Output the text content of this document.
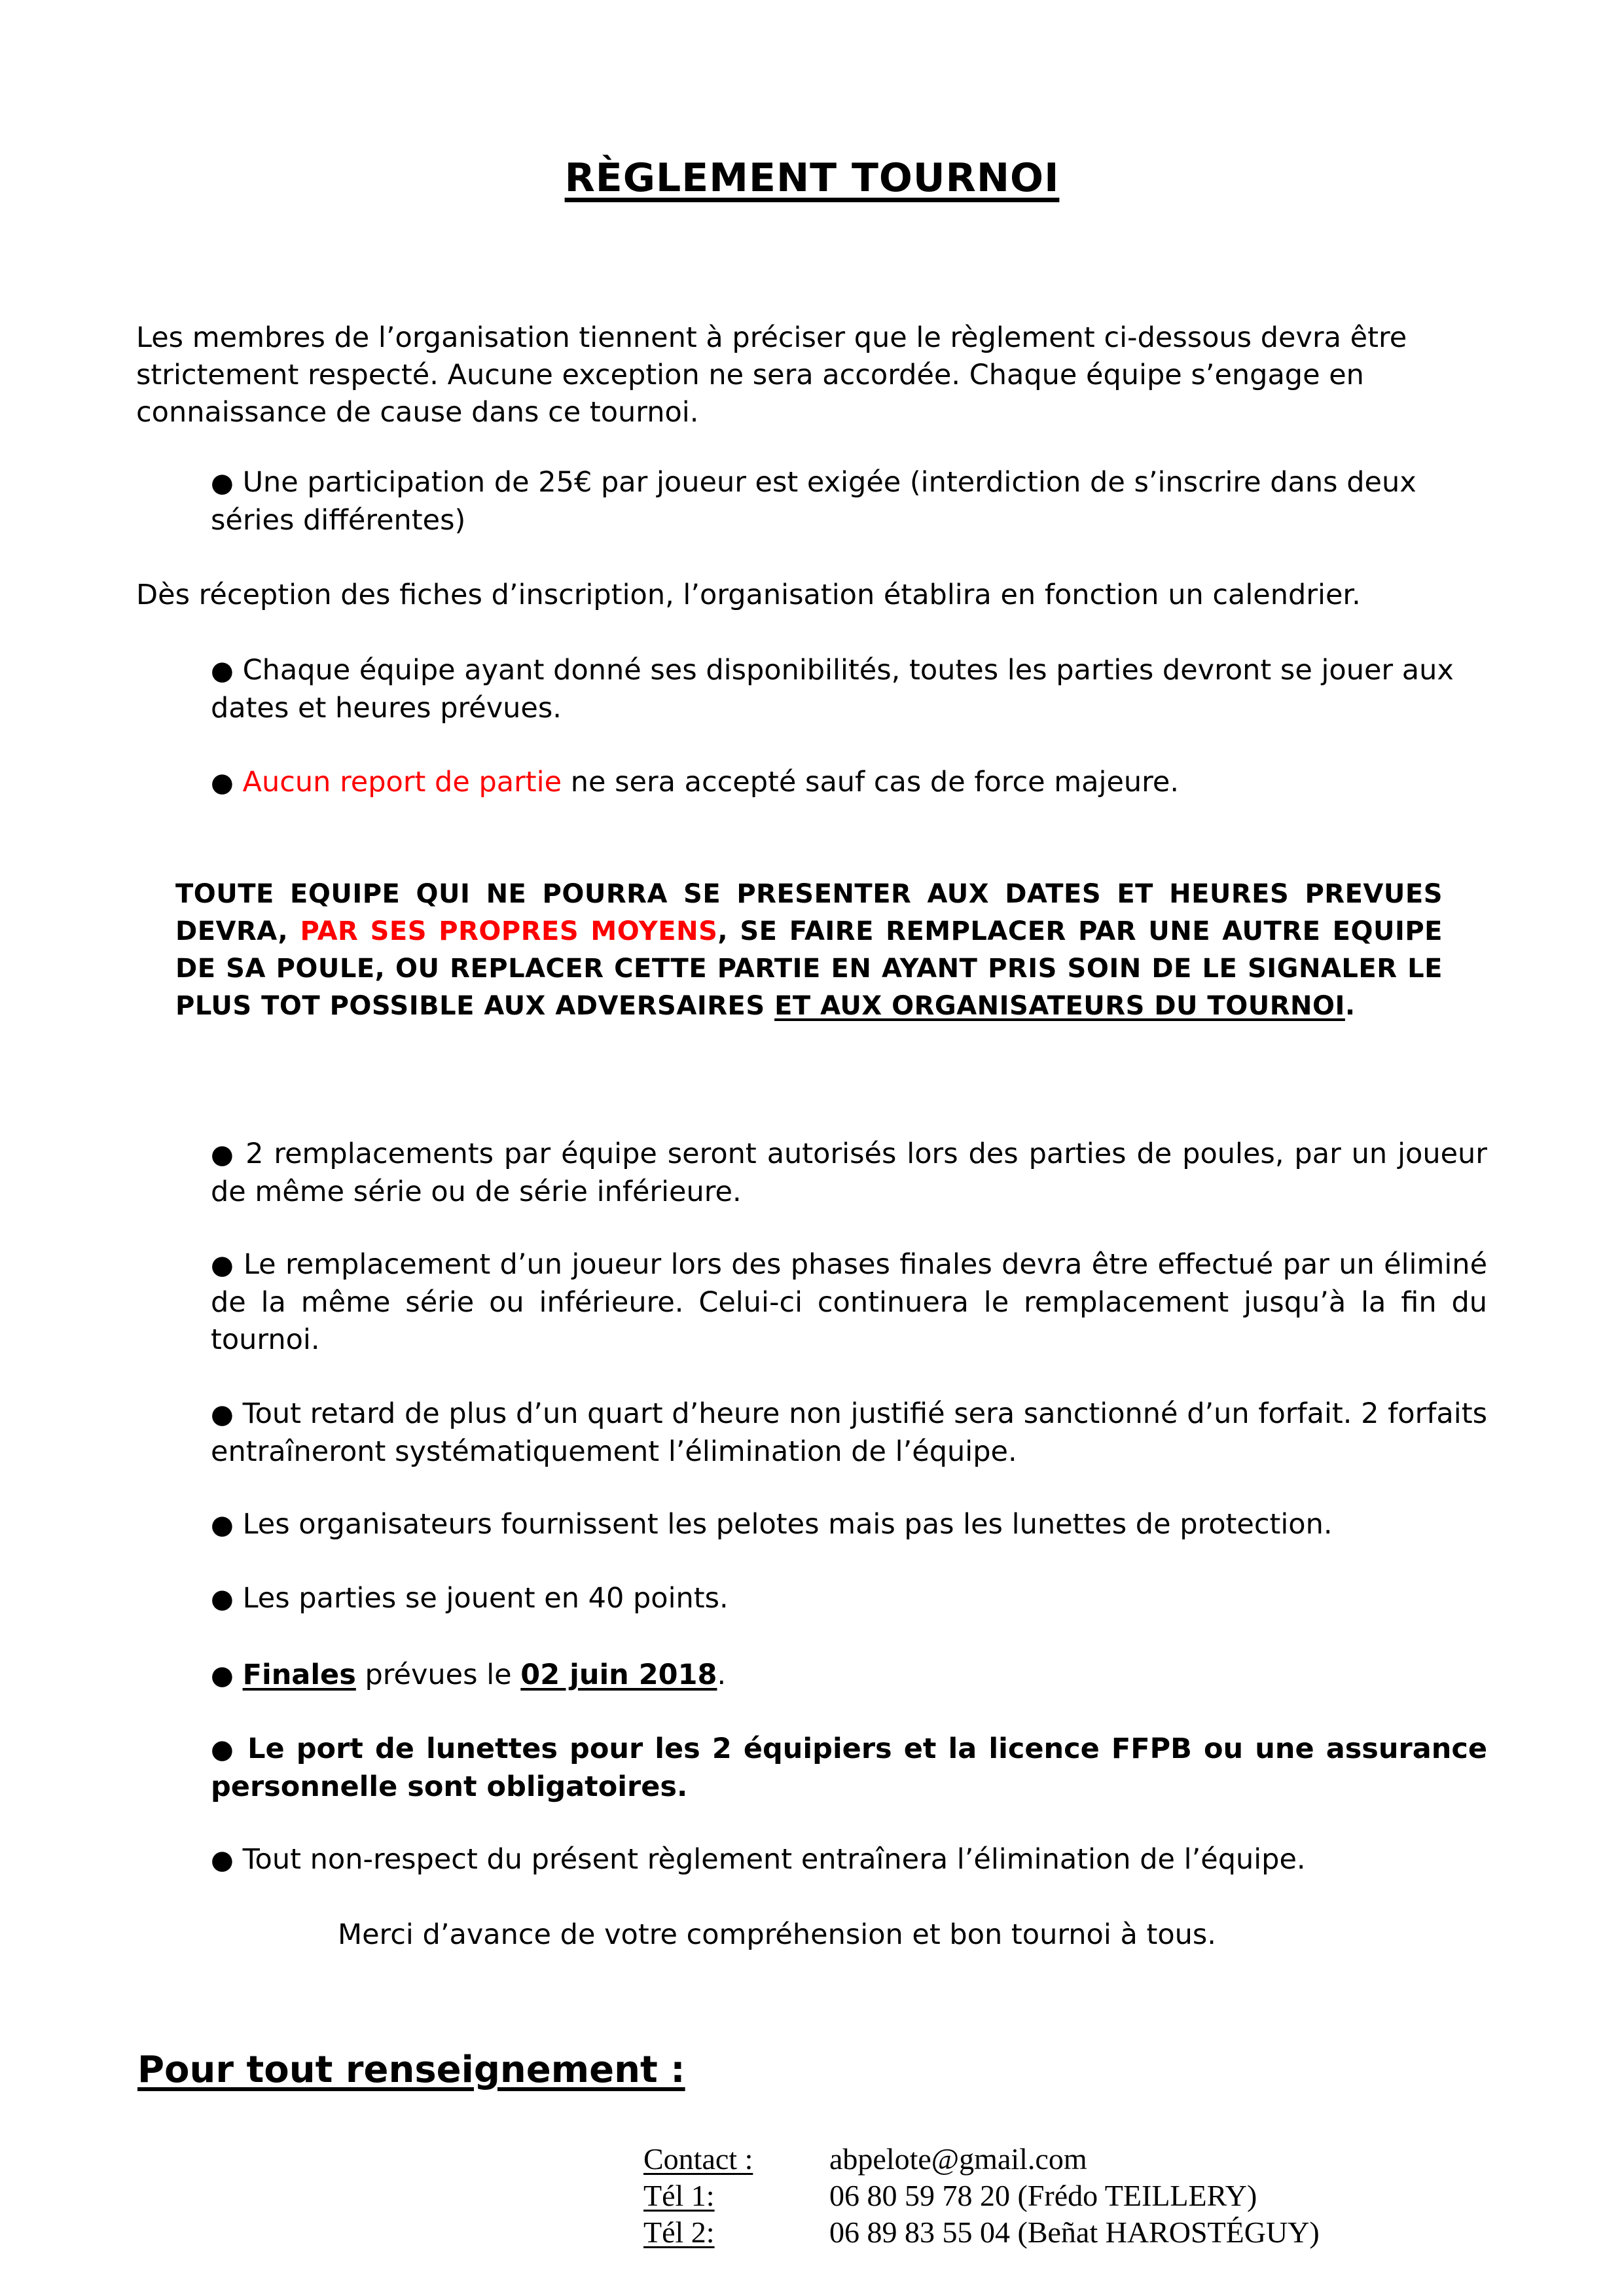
RÈGLEMENT TOURNOI
Les membres de l’organisation tiennent à préciser que le règlement ci-dessous devra être strictement respecté. Aucune exception ne sera accordée. Chaque équipe s’engage en connaissance de cause dans ce tournoi.
● Une participation de 25€ par joueur est exigée (interdiction de s’inscrire dans deux séries différentes)
Dès réception des fiches d’inscription, l’organisation établira en fonction un calendrier.
● Chaque équipe ayant donné ses disponibilités, toutes les parties devront se jouer aux dates et heures prévues.
● Aucun report de partie ne sera accepté sauf cas de force majeure.
TOUTE EQUIPE QUI NE POURRA SE PRESENTER AUX DATES ET HEURES PREVUES DEVRA, PAR SES PROPRES MOYENS, SE FAIRE REMPLACER PAR UNE AUTRE EQUIPE DE SA POULE, OU REPLACER CETTE PARTIE EN AYANT PRIS SOIN DE LE SIGNALER LE PLUS TOT POSSIBLE AUX ADVERSAIRES ET AUX ORGANISATEURS DU TOURNOI.
● 2 remplacements par équipe seront autorisés lors des parties de poules, par un joueur de même série ou de série inférieure.
● Le remplacement d’un joueur lors des phases finales devra être effectué par un éliminé de la même série ou inférieure. Celui-ci continuera le remplacement jusqu’à la fin du tournoi.
● Tout retard de plus d’un quart d’heure non justifié sera sanctionné d’un forfait. 2 forfaits entraîneront systématiquement l’élimination de l’équipe.
● Les organisateurs fournissent les pelotes mais pas les lunettes de protection.
● Les parties se jouent en 40 points.
● Finales prévues le 02 juin 2018.
● Le port de lunettes pour les 2 équipiers et la licence FFPB ou une assurance personnelle sont obligatoires.
● Tout non-respect du présent règlement entraînera l’élimination de l’équipe.
Merci d’avance de votre compréhension et bon tournoi à tous.
Pour tout renseignement :
Contact :	abpelote@gmail.com
Tél 1:	06 80 59 78 20 (Frédo TEILLERY)
Tél 2:	06 89 83 55 04 (Beñat HAROSTÉGUY)
